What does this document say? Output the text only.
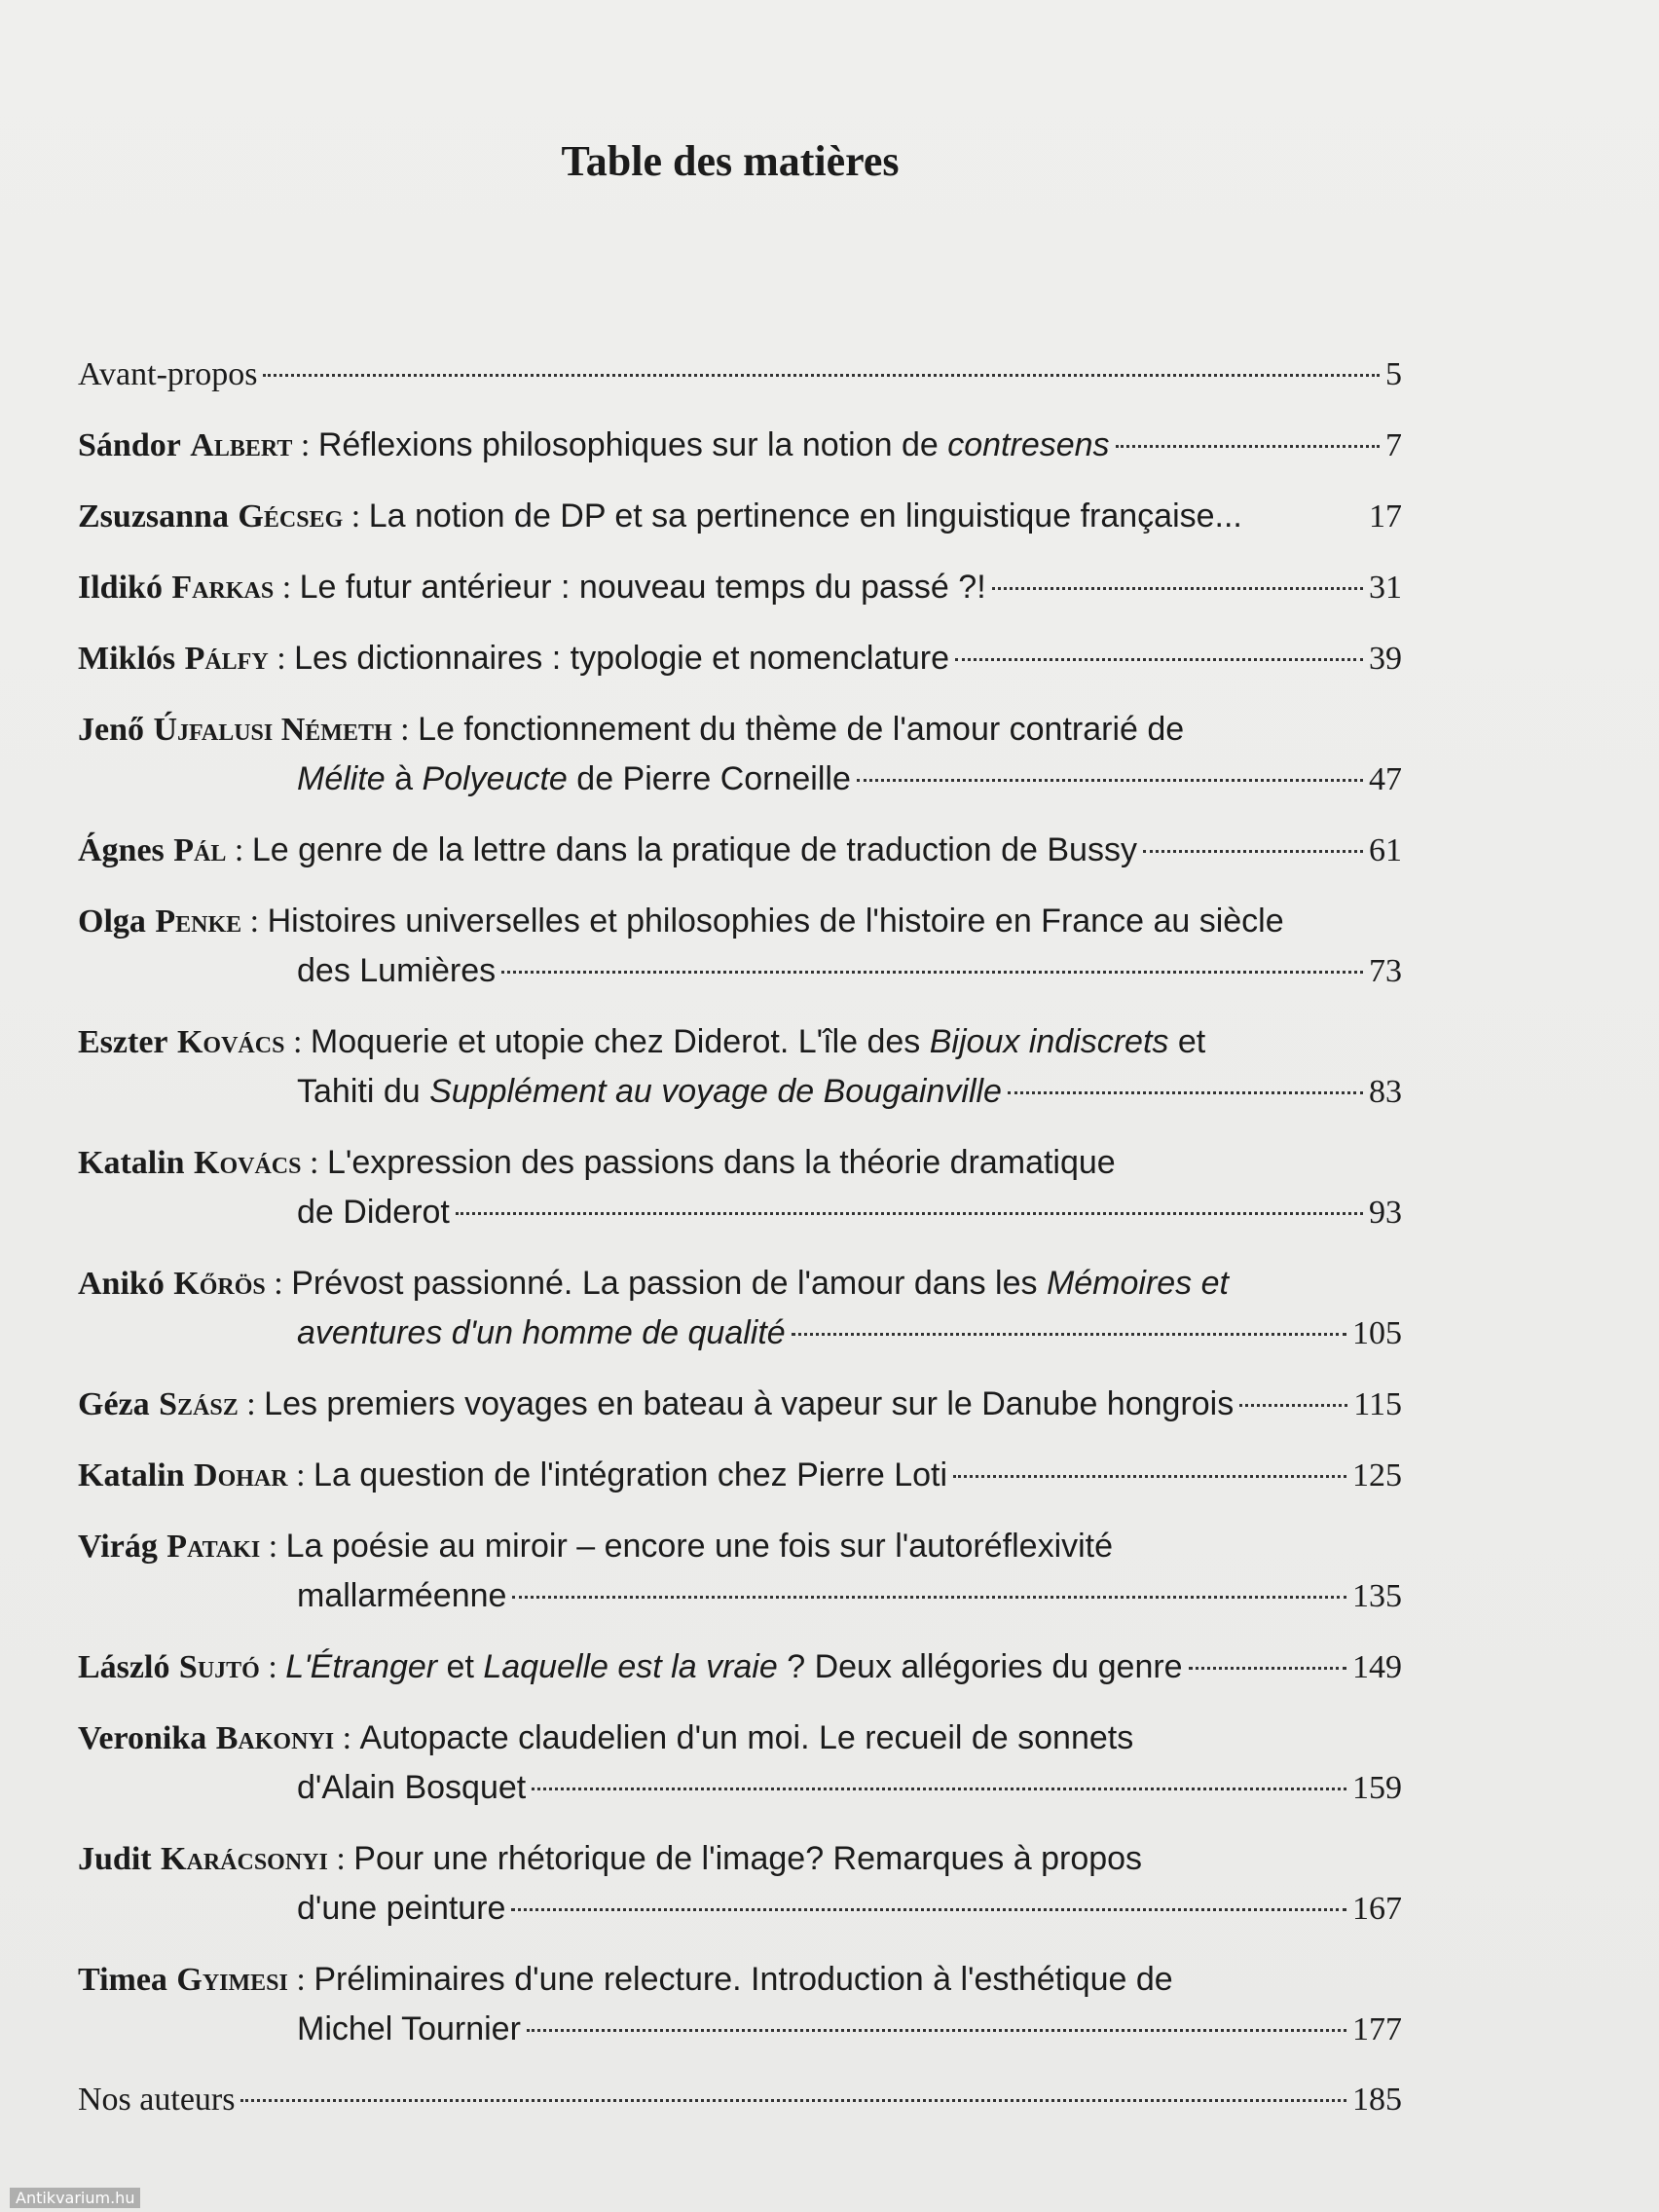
Table des matières
Avant-propos	5
Sándor Albert : Réflexions philosophiques sur la notion de contresens	7
Zsuzsanna Gécseg : La notion de DP et sa pertinence en linguistique française...	17
Ildikó Farkas : Le futur antérieur : nouveau temps du passé ?!	31
Miklós Pálfy : Les dictionnaires : typologie et nomenclature	39
Jenő Újfalusi Németh : Le fonctionnement du thème de l'amour contrarié de
Mélite à Polyeucte de Pierre Corneille	47
Ágnes Pál : Le genre de la lettre dans la pratique de traduction de Bussy	61
Olga Penke : Histoires universelles et philosophies de l'histoire en France au siècle
des Lumières	73
Eszter Kovács : Moquerie et utopie chez Diderot. L'île des Bijoux indiscrets et
Tahiti du Supplément au voyage de Bougainville	83
Katalin Kovács : L'expression des passions dans la théorie dramatique
de Diderot	93
Anikó Kőrös : Prévost passionné. La passion de l'amour dans les Mémoires et
aventures d'un homme de qualité	105
Géza Szász : Les premiers voyages en bateau à vapeur sur le Danube hongrois	115
Katalin Dohar : La question de l'intégration chez Pierre Loti	125
Virág Pataki : La poésie au miroir – encore une fois sur l'autoréflexivité
mallarméenne	135
László Sujtó : L'Étranger et Laquelle est la vraie ? Deux allégories du genre	149
Veronika Bakonyi : Autopacte claudelien d'un moi. Le recueil de sonnets
d'Alain Bosquet	159
Judit Karácsonyi : Pour une rhétorique de l'image? Remarques à propos
d'une peinture	167
Timea Gyimesi : Préliminaires d'une relecture. Introduction à l'esthétique de
Michel Tournier	177
Nos auteurs	185
Antikvarium.hu
